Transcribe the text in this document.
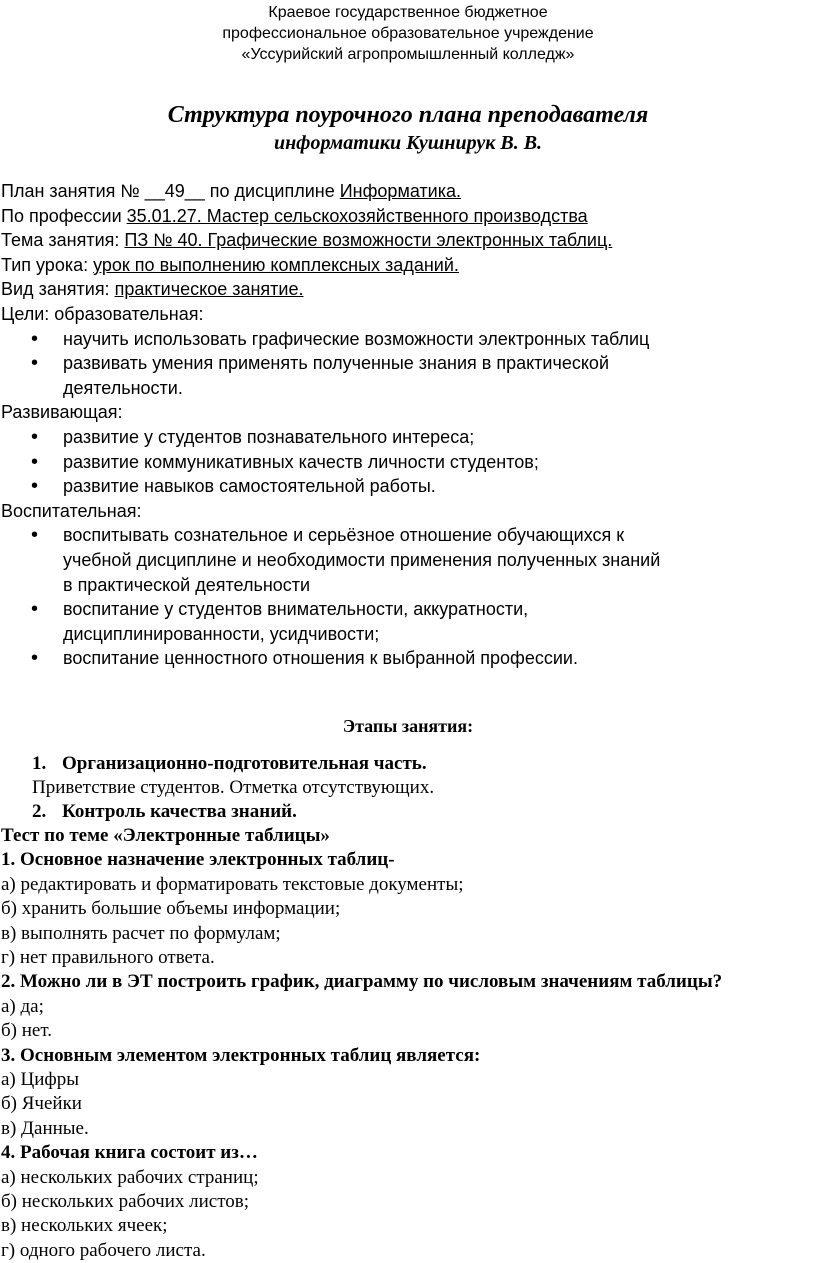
Краевое государственное бюджетное
профессиональное образовательное учреждение
«Уссурийский агропромышленный колледж»
Структура поурочного плана преподавателя
информатики Кушнирук В. В.
План занятия № __49__ по дисциплине Информатика.
По профессии 35.01.27. Мастер сельскохозяйственного производства
Тема занятия: ПЗ № 40. Графические возможности электронных таблиц.
Тип урока: урок по выполнению комплексных заданий.
Вид занятия: практическое занятие.
Цели: образовательная:
• научить использовать графические возможности электронных таблиц
• развивать умения применять полученные знания в практической деятельности.
Развивающая:
• развитие у студентов познавательного интереса;
• развитие коммуникативных качеств личности студентов;
• развитие навыков самостоятельной работы.
Воспитательная:
• воспитывать сознательное и серьёзное отношение обучающихся к учебной дисциплине и необходимости применения полученных знаний в практической деятельности
• воспитание у студентов внимательности, аккуратности, дисциплинированности, усидчивости;
• воспитание ценностного отношения к выбранной профессии.
Этапы занятия:
1. Организационно-подготовительная часть.
Приветствие студентов. Отметка отсутствующих.
2. Контроль качества знаний.
Тест по теме «Электронные таблицы»
1. Основное назначение электронных таблиц-
а) редактировать и форматировать текстовые документы;
б) хранить большие объемы информации;
в) выполнять расчет по формулам;
г) нет правильного ответа.
2. Можно ли в ЭТ построить график, диаграмму по числовым значениям таблицы?
а) да;
б) нет.
3. Основным элементом электронных таблиц является:
а) Цифры
б) Ячейки
в) Данные.
4. Рабочая книга состоит из…
а) нескольких рабочих страниц;
б) нескольких рабочих листов;
в) нескольких ячеек;
г) одного рабочего листа.
